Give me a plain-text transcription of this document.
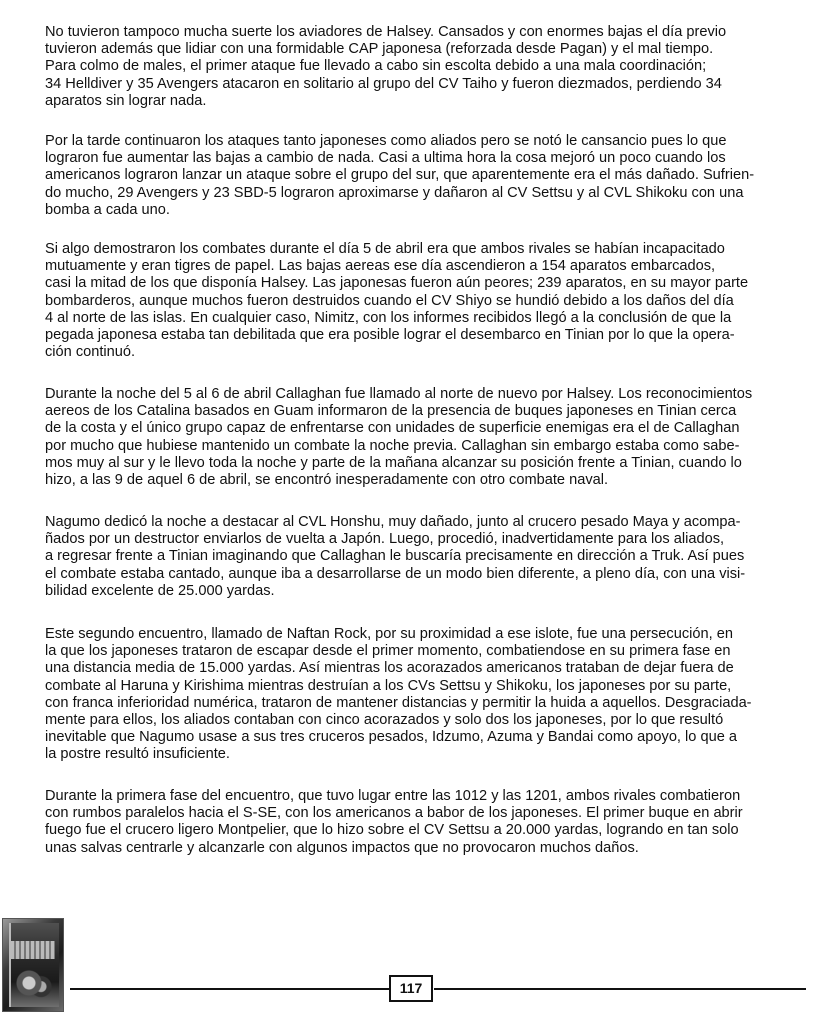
No tuvieron tampoco mucha suerte los aviadores de Halsey. Cansados y con enormes bajas el día previo
tuvieron además que lidiar con una formidable CAP japonesa (reforzada desde Pagan) y el mal tiempo.
Para colmo de males, el primer ataque fue llevado a cabo sin escolta debido a una mala coordinación;
34 Helldiver y 35 Avengers atacaron en solitario al grupo del CV Taiho y fueron diezmados, perdiendo 34
aparatos sin lograr nada.

Por la tarde continuaron los ataques tanto japoneses como aliados pero se notó le cansancio pues lo que
lograron fue aumentar las bajas a cambio de nada. Casi a ultima hora la cosa mejoró un poco cuando los
americanos lograron lanzar un ataque sobre el grupo del sur, que aparentemente era el más dañado. Sufrien-
do mucho, 29 Avengers y 23 SBD-5 lograron aproximarse y dañaron al CV Settsu y al CVL Shikoku con una
bomba a cada uno.

Si algo demostraron los combates durante el día 5 de abril era que ambos rivales se habían incapacitado
mutuamente y eran tigres de papel. Las bajas aereas ese día ascendieron a 154 aparatos embarcados,
casi la mitad de los que disponía Halsey. Las japonesas fueron aún peores; 239 aparatos, en su mayor parte
bombarderos, aunque muchos fueron destruidos cuando el CV Shiyo se hundió debido a los daños del día
4 al norte de las islas. En cualquier caso, Nimitz, con los informes recibidos llegó a la conclusión de que la
pegada japonesa estaba tan debilitada que era posible lograr el desembarco en Tinian por lo que la opera-
ción continuó.

Durante la noche del 5 al 6 de abril Callaghan fue llamado al norte de nuevo por Halsey. Los reconocimientos
aereos de los Catalina basados en Guam informaron de la presencia de buques japoneses en Tinian cerca
de la costa y el único grupo capaz de enfrentarse con unidades de superficie enemigas era el de Callaghan
por mucho que hubiese mantenido un combate la noche previa. Callaghan sin embargo estaba como sabe-
mos muy al sur y le llevo toda la noche y parte de la mañana alcanzar su posición frente a Tinian, cuando lo
hizo, a las 9 de aquel 6 de abril, se encontró inesperadamente con otro combate naval.

Nagumo dedicó la noche a destacar al CVL Honshu, muy dañado, junto al crucero pesado Maya y acompa-
ñados por un destructor enviarlos de vuelta a Japón. Luego, procedió, inadvertidamente para los aliados,
a regresar frente a Tinian imaginando que Callaghan le buscaría precisamente en dirección a Truk. Así pues
el combate estaba cantado, aunque iba a desarrollarse de un modo bien diferente, a pleno día, con una visi-
bilidad excelente de 25.000 yardas.

Este segundo encuentro, llamado de Naftan Rock, por su proximidad a ese islote, fue una persecución, en
la que los japoneses trataron de escapar desde el primer momento, combatiendose en su primera fase en
una distancia media de 15.000 yardas. Así mientras los acorazados americanos trataban de dejar fuera de
combate al Haruna y Kirishima mientras destruían a los CVs Settsu y Shikoku, los japoneses por su parte,
con franca inferioridad numérica, trataron de mantener distancias y permitir la huida a aquellos. Desgraciada-
mente para ellos, los aliados contaban con cinco acorazados y solo dos los japoneses, por lo que resultó
inevitable que Nagumo usase a sus tres cruceros pesados, Idzumo, Azuma y Bandai como apoyo, lo que a
la postre resultó insuficiente.

Durante la primera fase del encuentro, que tuvo lugar entre las 1012 y las 1201, ambos rivales combatieron
con rumbos paralelos hacia el S-SE, con los americanos a babor de los japoneses. El primer buque en abrir
fuego fue el crucero ligero Montpelier, que lo hizo sobre el CV Settsu a 20.000 yardas, logrando en tan solo
unas salvas centrarle y alcanzarle con algunos impactos que no provocaron muchos daños.

117
